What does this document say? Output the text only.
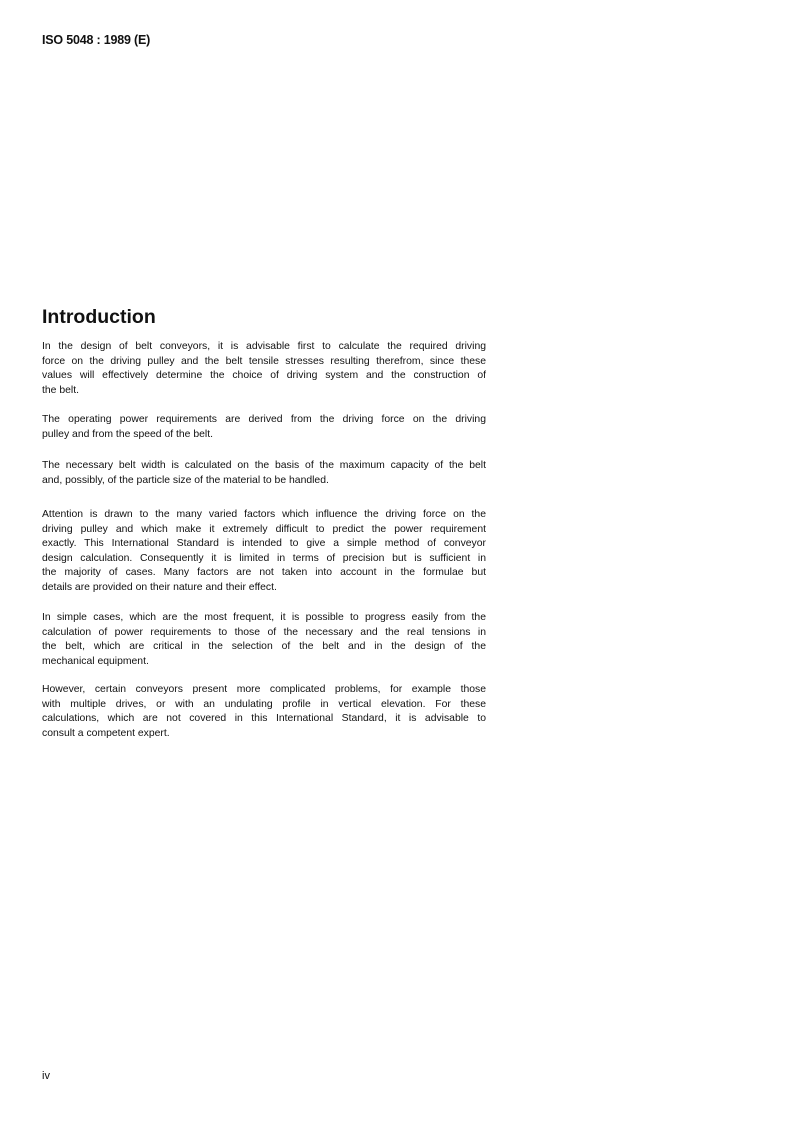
ISO 5048 : 1989 (E)
Introduction
In the design of belt conveyors, it is advisable first to calculate the required driving
force on the driving pulley and the belt tensile stresses resulting therefrom, since these
values will effectively determine the choice of driving system and the construction of
the belt.
The operating power requirements are derived from the driving force on the driving
pulley and from the speed of the belt.
The necessary belt width is calculated on the basis of the maximum capacity of the belt
and, possibly, of the particle size of the material to be handled.
Attention is drawn to the many varied factors which influence the driving force on the
driving pulley and which make it extremely difficult to predict the power requirement
exactly. This International Standard is intended to give a simple method of conveyor
design calculation. Consequently it is limited in terms of precision but is sufficient in
the majority of cases. Many factors are not taken into account in the formulae but
details are provided on their nature and their effect.
In simple cases, which are the most frequent, it is possible to progress easily from the
calculation of power requirements to those of the necessary and the real tensions in
the belt, which are critical in the selection of the belt and in the design of the
mechanical equipment.
However, certain conveyors present more complicated problems, for example those
with multiple drives, or with an undulating profile in vertical elevation. For these
calculations, which are not covered in this International Standard, it is advisable to
consult a competent expert.
iv
